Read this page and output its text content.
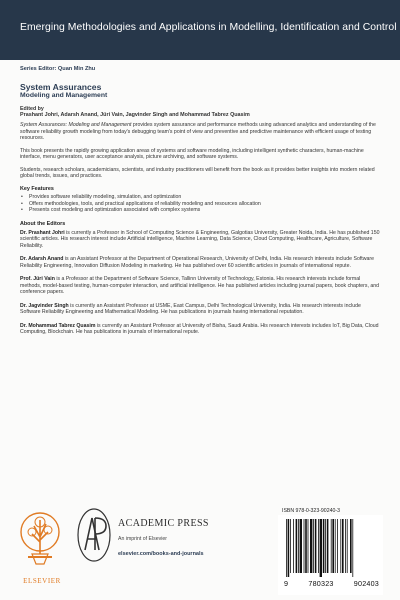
Emerging Methodologies and Applications in Modelling, Identification and Control
Series Editor: Quan Min Zhu
System Assurances
Modeling and Management
Edited by
Prashant Johri, Adarsh Anand, Jüri Vain, Jagvinder Singh and Mohammad Tabrez Quasim

System Assurances: Modeling and Management provides system assurance and performance methods using advanced analytics and understanding of the software reliability growth modeling from today's debugging team's point of view and preventive and predictive maintenance with efficient usage of testing resources.

This book presents the rapidly growing application areas of systems and software modeling, including intelligent synthetic characters, human-machine interface, menu generators, user acceptance analysis, picture archiving, and software systems.

Students, research scholars, academicians, scientists, and industry practitioners will benefit from the book as it provides better insights into modern related global trends, issues, and practices.

Key Features
• Provides software reliability modeling, simulation, and optimization
• Offers methodologies, tools, and practical applications of reliability modeling and resources allocation
• Presents cost modeling and optimization associated with complex systems
About the Editors

Dr. Prashant Johri is currently a Professor in School of Computing Science & Engineering, Galgotias University, Greater Noida, India. He has published 150 scientific articles. His research interest include Artificial intelligence, Machine Learning, Data Science, Cloud Computing, Healthcare, Agriculture, Software Reliability.

Dr. Adarsh Anand is an Assistant Professor at the Department of Operational Research, University of Delhi, India. His research interests include Software Reliability Engineering, Innovation Diffusion Modeling in marketing. He has published over 60 scientific articles in journals of international repute.

Prof. Jüri Vain is a Professor at the Department of Software Science, Tallinn University of Technology, Estonia. His research interests include formal methods, model-based testing, human-computer interaction, and artificial intelligence. He has published articles including journal papers, book chapters, and conference papers.

Dr. Jagvinder Singh is currently an Assistant Professor at USME, East Campus, Delhi Technological University, India. His research interests include Software Reliability Engineering and Mathematical Modeling. He has publications in journals having international reputation.

Dr. Mohammad Tabrez Quasim is currently an Assistant Professor at University of Bisha, Saudi Arabia. His research interests includes IoT, Big Data, Cloud Computing, Blockchain. He has publications in journals of international repute.

ELSEVIER
ACADEMIC PRESS
An imprint of Elsevier
elsevier.com/books-and-journals
ISBN 978-0-323-90240-3
9	780323	902403
